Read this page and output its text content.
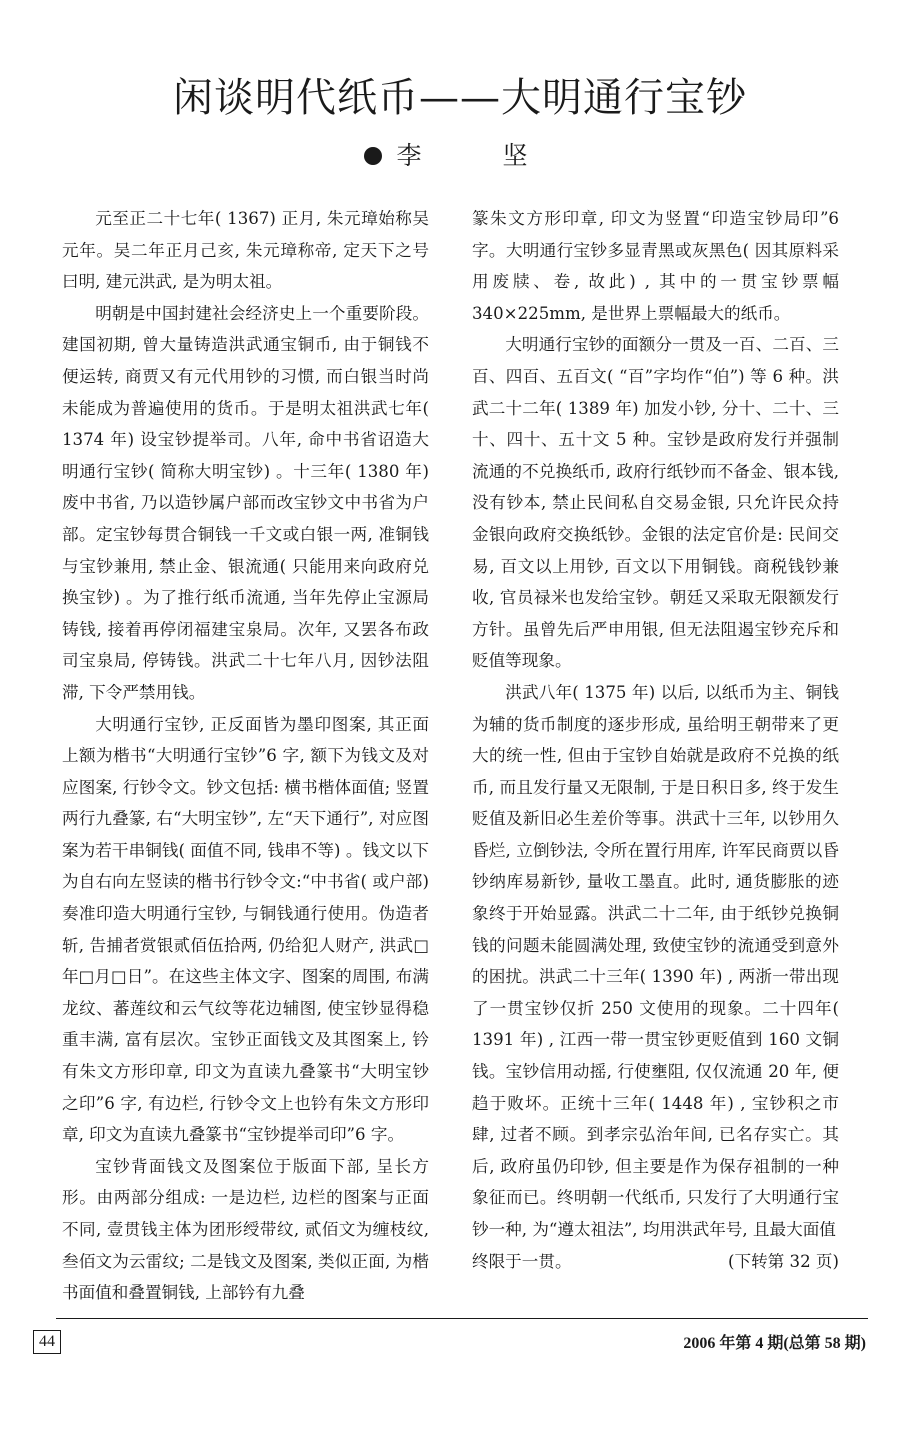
闲谈明代纸币——大明通行宝钞
李　坚

元至正二十七年( 1367) 正月, 朱元璋始称吴元年。吴二年正月己亥, 朱元璋称帝, 定天下之号曰明, 建元洪武, 是为明太祖。

明朝是中国封建社会经济史上一个重要阶段。建国初期, 曾大量铸造洪武通宝铜币, 由于铜钱不便运转, 商贾又有元代用钞的习惯, 而白银当时尚未能成为普遍使用的货币。于是明太祖洪武七年( 1374 年) 设宝钞提举司。八年, 命中书省诏造大明通行宝钞( 简称大明宝钞) 。十三年( 1380 年) 废中书省, 乃以造钞属户部而改宝钞文中书省为户部。定宝钞每贯合铜钱一千文或白银一两, 准铜钱与宝钞兼用, 禁止金、银流通( 只能用来向政府兑换宝钞) 。为了推行纸币流通, 当年先停止宝源局铸钱, 接着再停闭福建宝泉局。次年, 又罢各布政司宝泉局, 停铸钱。洪武二十七年八月, 因钞法阻滞, 下令严禁用钱。

大明通行宝钞, 正反面皆为墨印图案, 其正面上额为楷书“大明通行宝钞”6 字, 额下为钱文及对应图案, 行钞令文。钞文包括: 横书楷体面值; 竖置两行九叠篆, 右“大明宝钞”, 左“天下通行”, 对应图案为若干串铜钱( 面值不同, 钱串不等) 。钱文以下为自右向左竖读的楷书行钞令文:“中书省( 或户部) 奏准印造大明通行宝钞, 与铜钱通行使用。伪造者斩, 告捕者赏银贰佰伍拾两, 仍给犯人财产, 洪武□年□月□日”。在这些主体文字、图案的周围, 布满龙纹、蕃莲纹和云气纹等花边辅图, 使宝钞显得稳重丰满, 富有层次。宝钞正面钱文及其图案上, 钤有朱文方形印章, 印文为直读九叠篆书“大明宝钞之印”6 字, 有边栏, 行钞令文上也钤有朱文方形印章, 印文为直读九叠篆书“宝钞提举司印”6 字。

宝钞背面钱文及图案位于版面下部, 呈长方形。由两部分组成: 一是边栏, 边栏的图案与正面不同, 壹贯钱主体为团形绶带纹, 贰佰文为缠枝纹, 叁佰文为云雷纹; 二是钱文及图案, 类似正面, 为楷书面值和叠置铜钱, 上部钤有九叠

篆朱文方形印章, 印文为竖置“印造宝钞局印”6 字。大明通行宝钞多显青黑或灰黑色( 因其原料采用废牍、卷, 故此) , 其中的一贯宝钞票幅 340×225mm, 是世界上票幅最大的纸币。

大明通行宝钞的面额分一贯及一百、二百、三百、四百、五百文( “百”字均作“伯”) 等 6 种。洪武二十二年( 1389 年) 加发小钞, 分十、二十、三十、四十、五十文 5 种。宝钞是政府发行并强制流通的不兑换纸币, 政府行纸钞而不备金、银本钱, 没有钞本, 禁止民间私自交易金银, 只允许民众持金银向政府交换纸钞。金银的法定官价是: 民间交易, 百文以上用钞, 百文以下用铜钱。商税钱钞兼收, 官员禄米也发给宝钞。朝廷又采取无限额发行方针。虽曾先后严申用银, 但无法阻遏宝钞充斥和贬值等现象。

洪武八年( 1375 年) 以后, 以纸币为主、铜钱为辅的货币制度的逐步形成, 虽给明王朝带来了更大的统一性, 但由于宝钞自始就是政府不兑换的纸币, 而且发行量又无限制, 于是日积日多, 终于发生贬值及新旧必生差价等事。洪武十三年, 以钞用久昏烂, 立倒钞法, 令所在置行用库, 许军民商贾以昏钞纳库易新钞, 量收工墨直。此时, 通货膨胀的迹象终于开始显露。洪武二十二年, 由于纸钞兑换铜钱的问题未能圆满处理, 致使宝钞的流通受到意外的困扰。洪武二十三年( 1390 年) , 两浙一带出现了一贯宝钞仅折 250 文使用的现象。二十四年( 1391 年) , 江西一带一贯宝钞更贬值到 160 文铜钱。宝钞信用动摇, 行使壅阻, 仅仅流通 20 年, 便趋于败坏。正统十三年( 1448 年) , 宝钞积之市肆, 过者不顾。到孝宗弘治年间, 已名存实亡。其后, 政府虽仍印钞, 但主要是作为保存祖制的一种象征而已。终明朝一代纸币, 只发行了大明通行宝钞一种, 为“遵太祖法”, 均用洪武年号, 且最大面值

终限于一贯。	(下转第 32 页)
44	2006 年第 4 期(总第 58 期)
